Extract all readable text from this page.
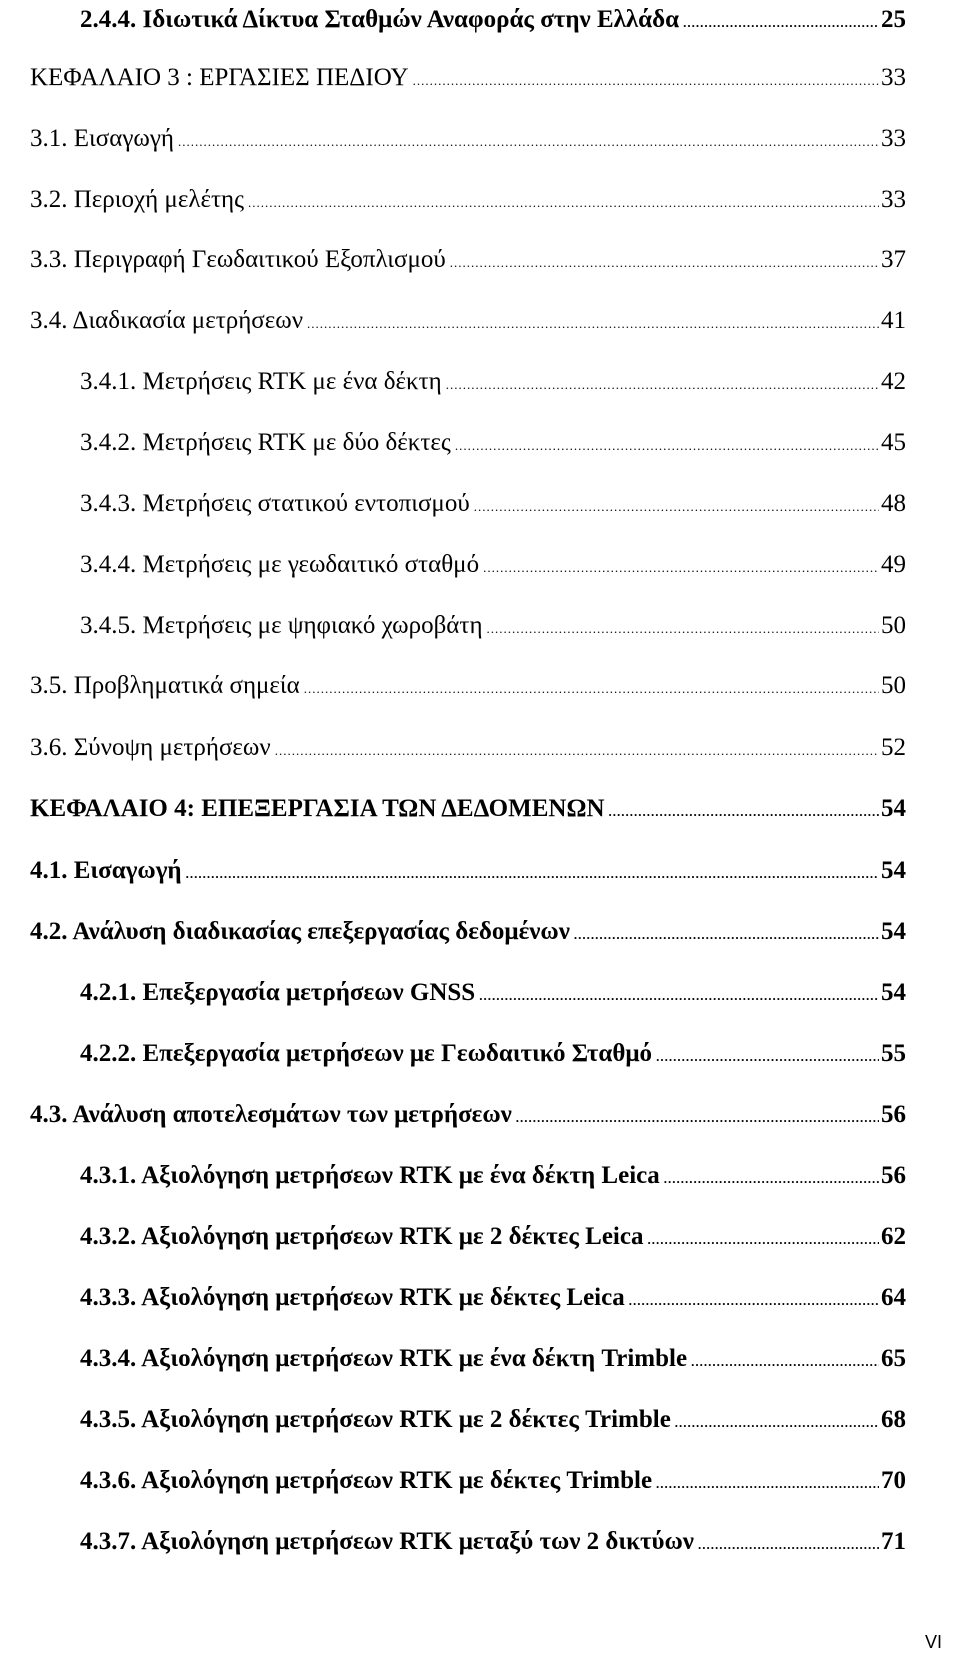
2.4.4. Ιδιωτικά Δίκτυα Σταθμών Αναφοράς στην Ελλάδα .....	25
ΚΕΦΑΛΑΙΟ 3 : ΕΡΓΑΣΙΕΣ ΠΕΔΙΟΥ .....	33
3.1. Εισαγωγή .....	33
3.2. Περιοχή μελέτης .....	33
3.3. Περιγραφή Γεωδαιτικού Εξοπλισμού .....	37
3.4. Διαδικασία μετρήσεων .....	41
3.4.1. Μετρήσεις RTK με ένα δέκτη .....	42
3.4.2. Μετρήσεις RTK με δύο δέκτες .....	45
3.4.3. Μετρήσεις στατικού εντοπισμού .....	48
3.4.4. Μετρήσεις με γεωδαιτικό σταθμό .....	49
3.4.5. Μετρήσεις με ψηφιακό χωροβάτη .....	50
3.5. Προβληματικά σημεία .....	50
3.6. Σύνοψη μετρήσεων .....	52
ΚΕΦΑΛΑΙΟ 4: ΕΠΕΞΕΡΓΑΣΙΑ ΤΩΝ ΔΕΔΟΜΕΝΩΝ .....	54
4.1. Εισαγωγή .....	54
4.2. Ανάλυση διαδικασίας επεξεργασίας δεδομένων .....	54
4.2.1. Επεξεργασία μετρήσεων GNSS .....	54
4.2.2. Επεξεργασία μετρήσεων με Γεωδαιτικό Σταθμό .....	55
4.3. Ανάλυση αποτελεσμάτων των μετρήσεων .....	56
4.3.1. Αξιολόγηση μετρήσεων RTK με ένα δέκτη Leica .....	56
4.3.2. Αξιολόγηση μετρήσεων RTK με 2 δέκτες Leica .....	62
4.3.3. Αξιολόγηση μετρήσεων RTK με δέκτες Leica .....	64
4.3.4. Αξιολόγηση μετρήσεων RTK με ένα δέκτη Trimble .....	65
4.3.5. Αξιολόγηση μετρήσεων RTK με 2 δέκτες Trimble .....	68
4.3.6. Αξιολόγηση μετρήσεων RTK με δέκτες Trimble .....	70
4.3.7. Αξιολόγηση μετρήσεων RTK μεταξύ των 2 δικτύων .....	71
VI
